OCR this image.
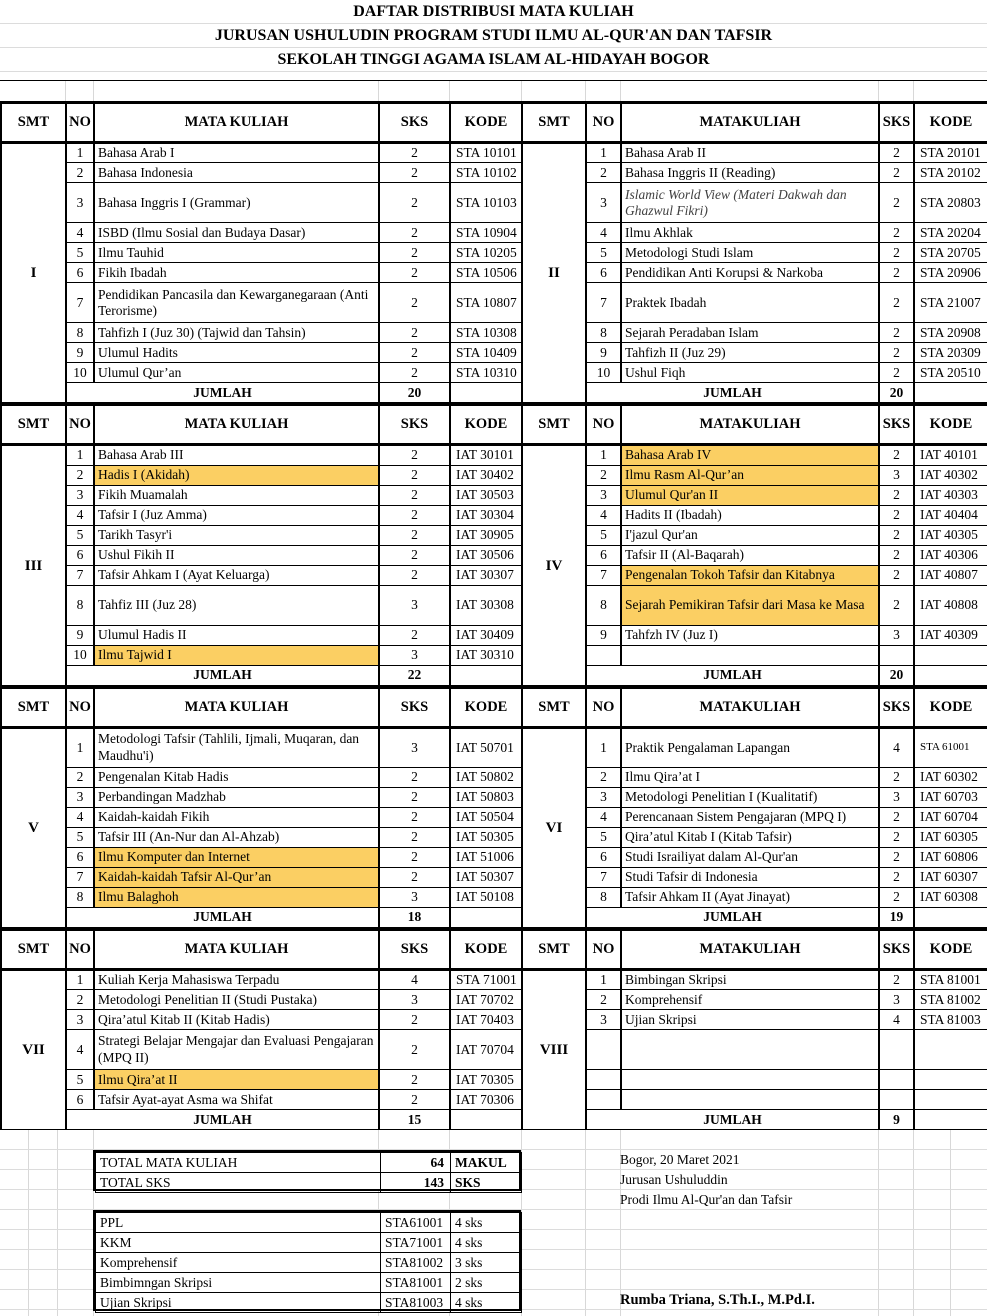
DAFTAR DISTRIBUSI MATA KULIAH
JURUSAN USHULUDIN PROGRAM STUDI ILMU AL-QUR'AN DAN TAFSIR
SEKOLAH TINGGI AGAMA ISLAM AL-HIDAYAH BOGOR
SMT	NO	MATA KULIAH	SKS	KODE	SMT	NO	MATAKULIAH	SKS	KODE
I	1	Bahasa Arab I	2	STA 10101	II	1	Bahasa Arab II	2	STA 20101
	2	Bahasa Indonesia	2	STA 10102		2	Bahasa Inggris II (Reading)	2	STA 20102
	3	Bahasa Inggris I (Grammar)	2	STA 10103		3	Islamic World View (Materi Dakwah dan Ghazwul Fikri)	2	STA 20803
	4	ISBD (Ilmu Sosial dan Budaya Dasar)	2	STA 10904		4	Ilmu Akhlak	2	STA 20204
	5	Ilmu Tauhid	2	STA 10205		5	Metodologi Studi Islam	2	STA 20705
	6	Fikih Ibadah	2	STA 10506		6	Pendidikan Anti Korupsi & Narkoba	2	STA 20906
	7	Pendidikan Pancasila dan Kewarganegaraan (Anti Terorisme)	2	STA 10807		7	Praktek Ibadah	2	STA 21007
	8	Tahfizh I (Juz 30) (Tajwid dan Tahsin)	2	STA 10308		8	Sejarah Peradaban Islam	2	STA 20908
	9	Ulumul Hadits	2	STA 10409		9	Tahfizh II (Juz 29)	2	STA 20309
	10	Ulumul Qur’an	2	STA 10310		10	Ushul Fiqh	2	STA 20510
	JUMLAH		20			JUMLAH		20	
SMT	NO	MATA KULIAH	SKS	KODE	SMT	NO	MATAKULIAH	SKS	KODE
III	1	Bahasa Arab III	2	IAT 30101	IV	1	Bahasa Arab IV	2	IAT 40101
	2	Hadis I (Akidah)	2	IAT 30402		2	Ilmu Rasm Al-Qur’an	3	IAT 40302
	3	Fikih Muamalah	2	IAT 30503		3	Ulumul Qur'an II	2	IAT 40303
	4	Tafsir I (Juz Amma)	2	IAT 30304		4	Hadits II (Ibadah)	2	IAT 40404
	5	Tarikh Tasyr'i	2	IAT 30905		5	I'jazul Qur'an	2	IAT 40305
	6	Ushul Fikih II	2	IAT 30506		6	Tafsir II (Al-Baqarah)	2	IAT 40306
	7	Tafsir Ahkam I (Ayat Keluarga)	2	IAT 30307		7	Pengenalan Tokoh Tafsir dan Kitabnya	2	IAT 40807
	8	Tahfiz III (Juz 28)	3	IAT 30308		8	Sejarah Pemikiran Tafsir dari Masa ke Masa	2	IAT 40808
	9	Ulumul Hadis II	2	IAT 30409		9	Tahfzh IV (Juz I)	3	IAT 40309
	10	Ilmu Tajwid I	3	IAT 30310					
	JUMLAH		22			JUMLAH		20	
SMT	NO	MATA KULIAH	SKS	KODE	SMT	NO	MATAKULIAH	SKS	KODE
V	1	Metodologi Tafsir (Tahlili, Ijmali, Muqaran, dan Maudhu'i)	3	IAT 50701	VI	1	Praktik Pengalaman Lapangan	4	STA 61001
	2	Pengenalan Kitab Hadis	2	IAT 50802		2	Ilmu Qira’at I	2	IAT 60302
	3	Perbandingan Madzhab	2	IAT 50803		3	Metodologi Penelitian I (Kualitatif)	3	IAT 60703
	4	Kaidah-kaidah Fikih	2	IAT 50504		4	Perencanaan Sistem Pengajaran (MPQ I)	2	IAT 60704
	5	Tafsir III (An-Nur dan Al-Ahzab)	2	IAT 50305		5	Qira’atul Kitab I (Kitab Tafsir)	2	IAT 60305
	6	Ilmu Komputer dan Internet	2	IAT 51006		6	Studi Israiliyat dalam Al-Qur'an	2	IAT 60806
	7	Kaidah-kaidah Tafsir Al-Qur’an	2	IAT 50307		7	Studi Tafsir di Indonesia	2	IAT 60307
	8	Ilmu Balaghoh	3	IAT 50108		8	Tafsir Ahkam II (Ayat Jinayat)	2	IAT 60308
	JUMLAH		18			JUMLAH		19	
SMT	NO	MATA KULIAH	SKS	KODE	SMT	NO	MATAKULIAH	SKS	KODE
VII	1	Kuliah Kerja Mahasiswa Terpadu	4	STA 71001	VIII	1	Bimbingan Skripsi	2	STA 81001
	2	Metodologi Penelitian II (Studi Pustaka)	3	IAT 70702		2	Komprehensif	3	STA 81002
	3	Qira’atul Kitab II (Kitab Hadis)	2	IAT 70403		3	Ujian Skripsi	4	STA 81003
	4	Strategi Belajar Mengajar dan Evaluasi Pengajaran (MPQ II)	2	IAT 70704					
	5	Ilmu Qira’at II	2	IAT 70305					
	6	Tafsir Ayat-ayat Asma wa Shifat	2	IAT 70306					
	JUMLAH		15			JUMLAH		9	
TOTAL MATA KULIAH	64	MAKUL
TOTAL SKS	143	SKS
PPL	STA61001	4 sks
KKM	STA71001	4 sks
Komprehensif	STA81002	3 sks
Bimbimngan Skripsi	STA81001	2 sks
Ujian Skripsi	STA81003	4 sks
Bogor, 20 Maret 2021
Jurusan Ushuluddin
Prodi Ilmu Al-Qur'an dan Tafsir
Rumba Triana, S.Th.I., M.Pd.I.
